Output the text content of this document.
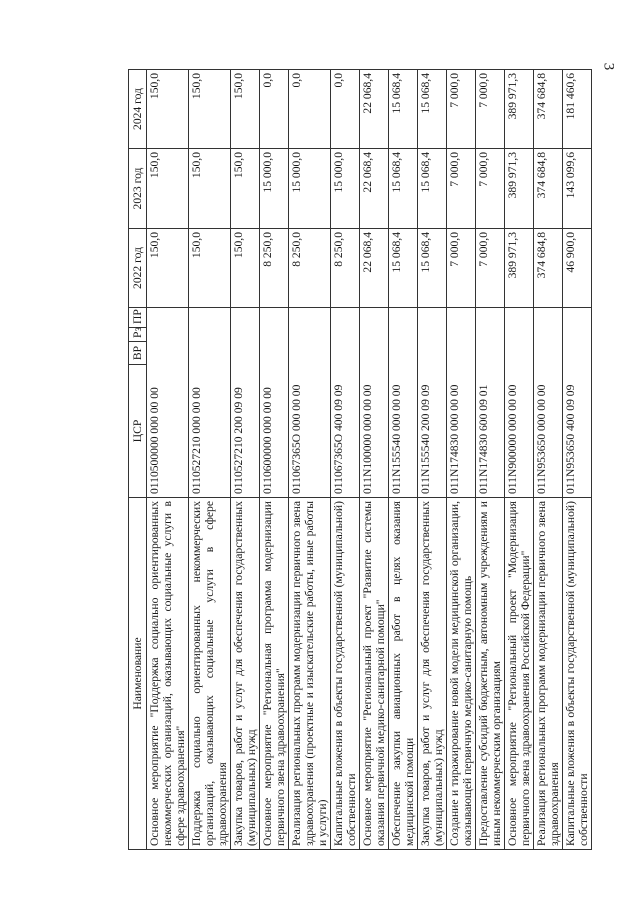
3
Наименование	ЦСР	ВР	Рз	ПР	2022 год	2023 год	2024 год
Основное мероприятие "Поддержка социально ориентированных некоммерческих организаций, оказывающих социальные услуги в сфере здравоохранения"	0110500000 000 00 00				150,0	150,0	150,0
Поддержка социально ориентированных некоммерческих организаций, оказывающих социальные услуги в сфере здравоохранения	0110527210 000 00 00				150,0	150,0	150,0
Закупка товаров, работ и услуг для обеспечения государственных (муниципальных) нужд	0110527210 200 09 09				150,0	150,0	150,0
Основное мероприятие "Региональная программа модернизации первичного звена здравоохранения"	0110600000 000 00 00				8 250,0	15 000,0	0,0
Реализация региональных программ модернизации первичного звена здравоохранения (проектные и изыскательские работы, иные работы и услуги)	011067365О 000 00 00				8 250,0	15 000,0	0,0
Капитальные вложения в объекты государственной (муниципальной) собственности	011067365О 400 09 09				8 250,0	15 000,0	0,0
Основное мероприятие "Региональный проект "Развитие системы оказания первичной медико-санитарной помощи"	011N100000 000 00 00				22 068,4	22 068,4	22 068,4
Обеспечение закупки авиационных работ в целях оказания медицинской помощи	011N155540 000 00 00				15 068,4	15 068,4	15 068,4
Закупка товаров, работ и услуг для обеспечения государственных (муниципальных) нужд	011N155540 200 09 09				15 068,4	15 068,4	15 068,4
Создание и тиражирование новой модели медицинской организации, оказывающей первичную медико-санитарную помощь	011N174830 000 00 00				7 000,0	7 000,0	7 000,0
Предоставление субсидий бюджетным, автономным учреждениям и иным некоммерческим организациям	011N174830 600 09 01				7 000,0	7 000,0	7 000,0
Основное мероприятие "Региональный проект "Модернизация первичного звена здравоохранения Российской Федерации"	011N900000 000 00 00				389 971,3	389 971,3	389 971,3
Реализация региональных программ модернизации первичного звена здравоохранения	011N953650 000 00 00				374 684,8	374 684,8	374 684,8
Капитальные вложения в объекты государственной (муниципальной) собственности	011N953650 400 09 09				46 900,0	143 099,6	181 460,6
